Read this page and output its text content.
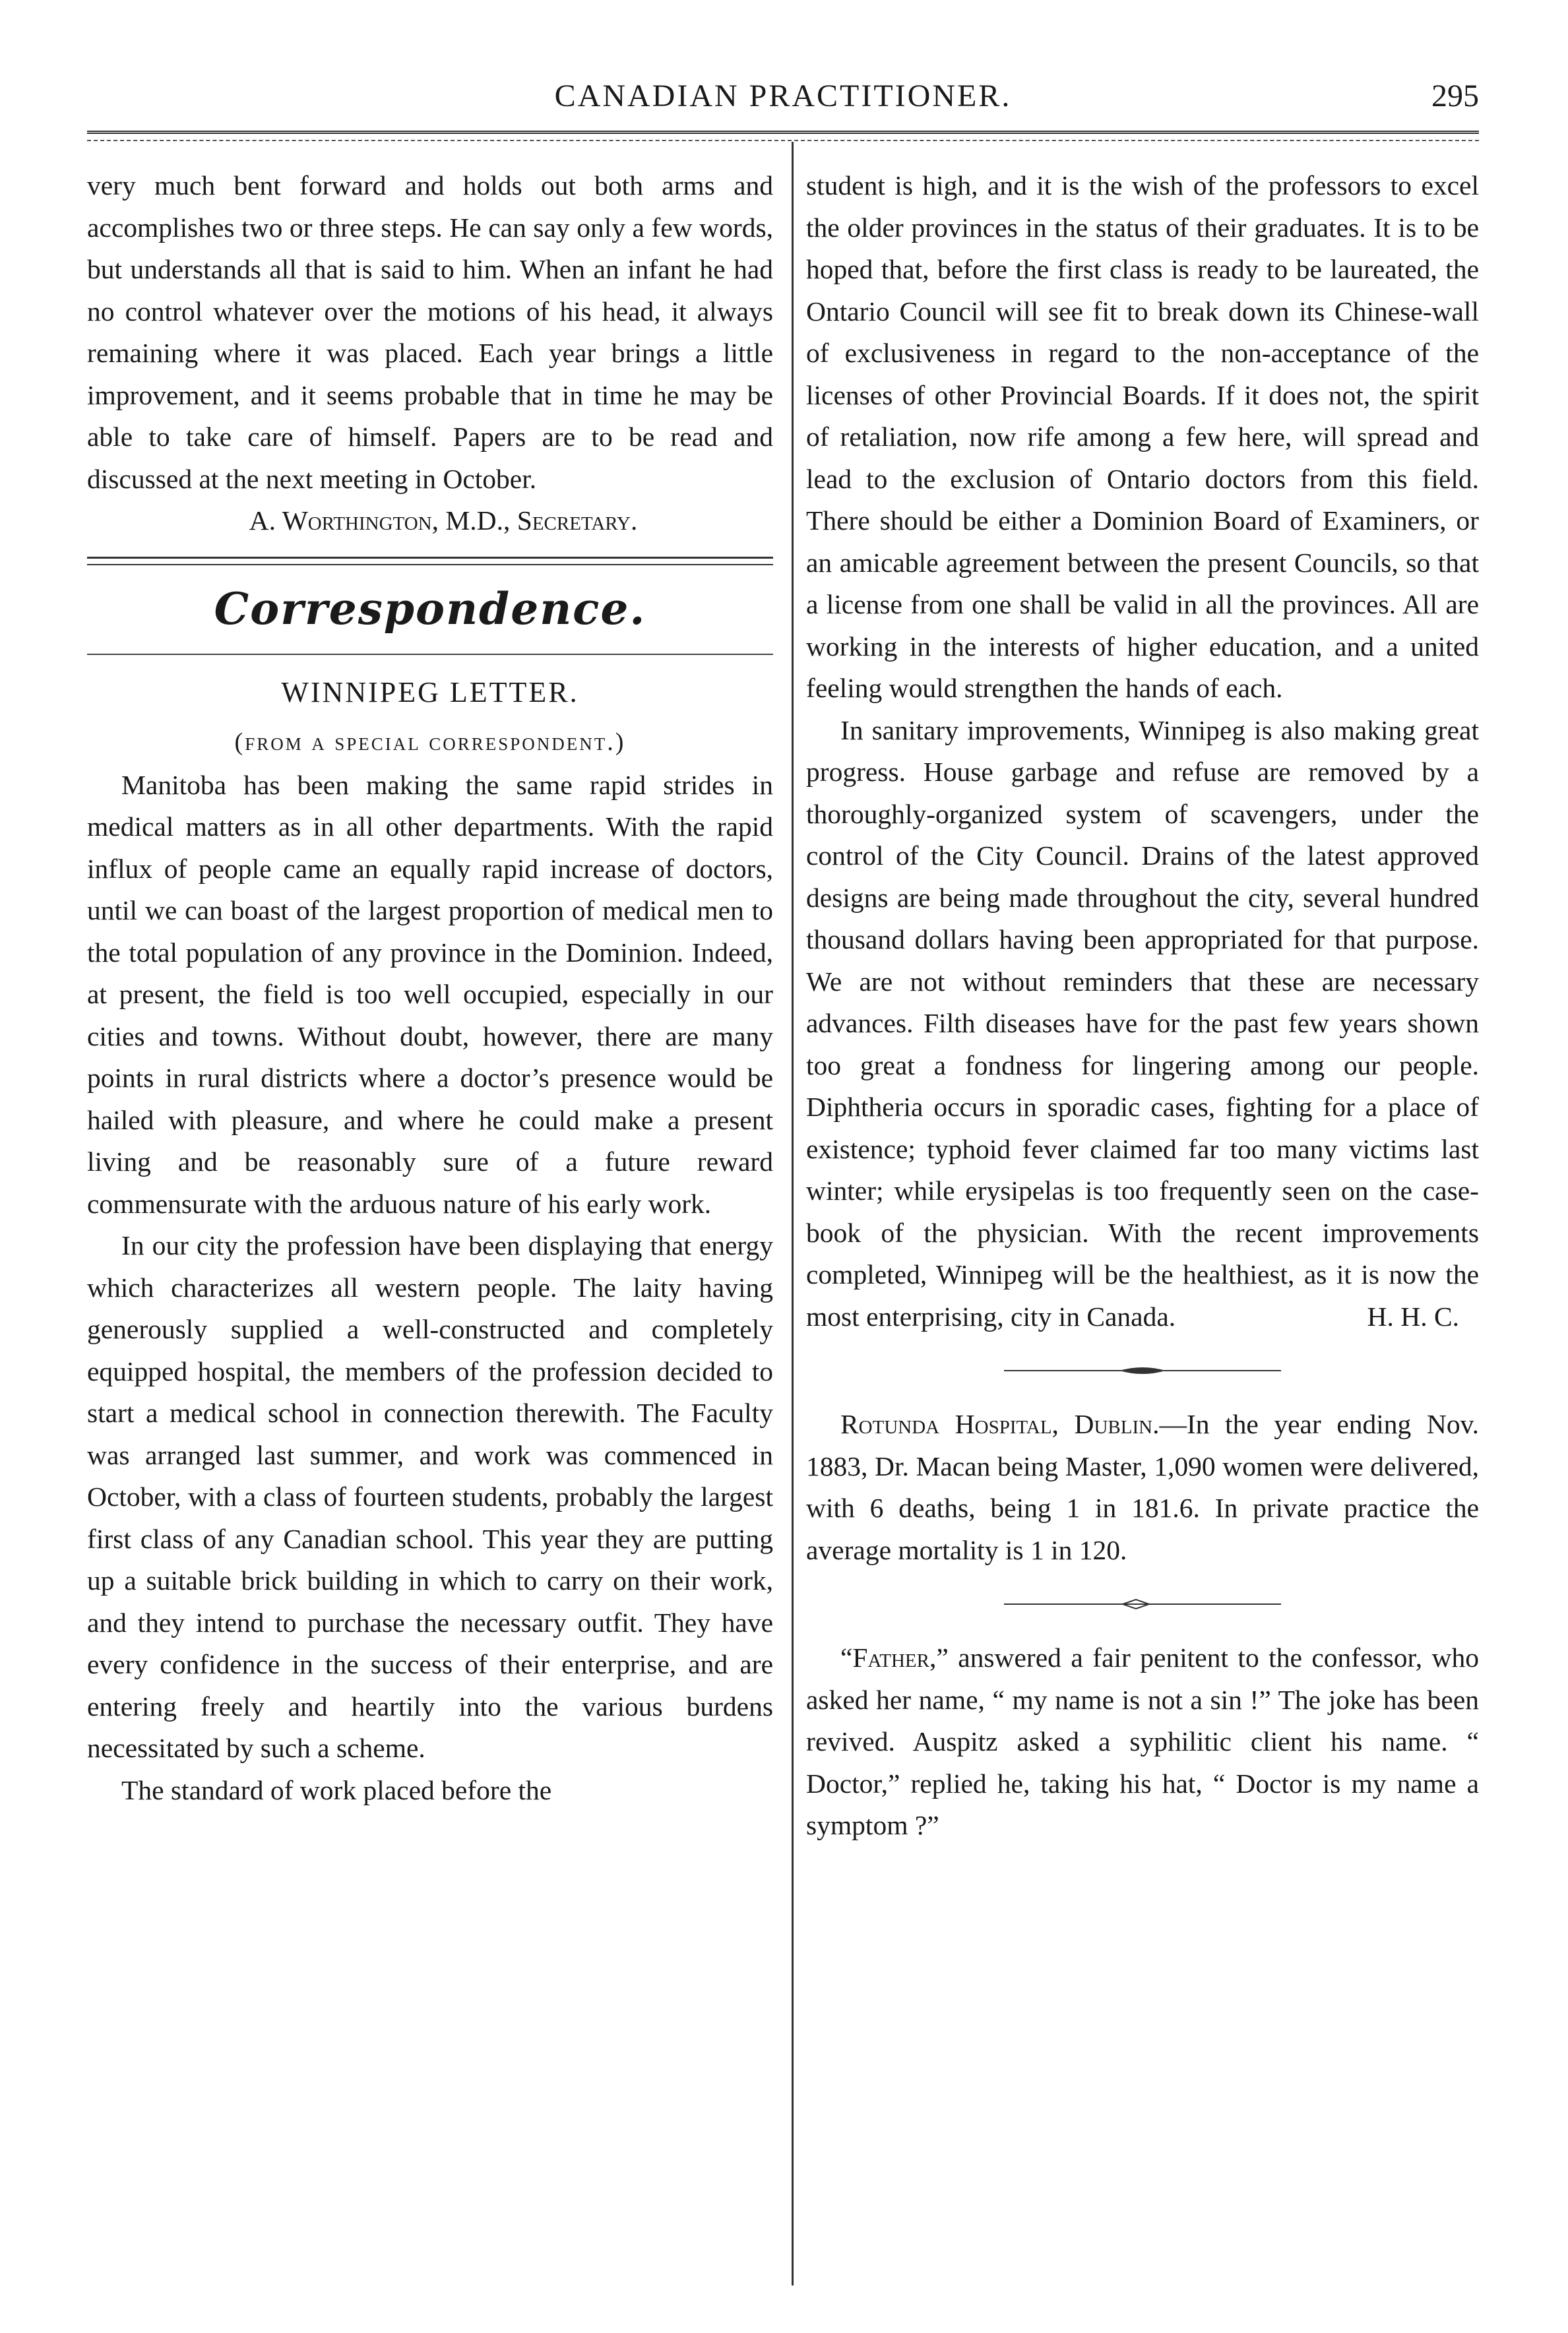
CANADIAN PRACTITIONER.	295

very much bent forward and holds out both arms and accomplishes two or three steps. He can say only a few words, but understands all that is said to him. When an infant he had no control whatever over the motions of his head, it always remaining where it was placed. Each year brings a little improvement, and it seems probable that in time he may be able to take care of himself. Papers are to be read and discussed at the next meeting in October.

A. Worthington, M.D., Secretary.

Correspondence.
WINNIPEG LETTER.
(from a special correspondent.)

Manitoba has been making the same rapid strides in medical matters as in all other departments. With the rapid influx of people came an equally rapid increase of doctors, until we can boast of the largest proportion of medical men to the total population of any province in the Dominion. Indeed, at present, the field is too well occupied, especially in our cities and towns. Without doubt, however, there are many points in rural districts where a doctor’s presence would be hailed with pleasure, and where he could make a present living and be reasonably sure of a future reward commensurate with the arduous nature of his early work.

In our city the profession have been displaying that energy which characterizes all western people. The laity having generously supplied a well-constructed and completely equipped hospital, the members of the profession decided to start a medical school in connection therewith. The Faculty was arranged last summer, and work was commenced in October, with a class of fourteen students, probably the largest first class of any Canadian school. This year they are putting up a suitable brick building in which to carry on their work, and they intend to purchase the necessary outfit. They have every confidence in the success of their enterprise, and are entering freely and heartily into the various burdens necessitated by such a scheme.

The standard of work placed before the

student is high, and it is the wish of the professors to excel the older provinces in the status of their graduates. It is to be hoped that, before the first class is ready to be laureated, the Ontario Council will see fit to break down its Chinese-wall of exclusiveness in regard to the non-acceptance of the licenses of other Provincial Boards. If it does not, the spirit of retaliation, now rife among a few here, will spread and lead to the exclusion of Ontario doctors from this field. There should be either a Dominion Board of Examiners, or an amicable agreement between the present Councils, so that a license from one shall be valid in all the provinces. All are working in the interests of higher education, and a united feeling would strengthen the hands of each.

In sanitary improvements, Winnipeg is also making great progress. House garbage and refuse are removed by a thoroughly-organized system of scavengers, under the control of the City Council. Drains of the latest approved designs are being made throughout the city, several hundred thousand dollars having been appropriated for that purpose. We are not without reminders that these are necessary advances. Filth diseases have for the past few years shown too great a fondness for lingering among our people. Diphtheria occurs in sporadic cases, fighting for a place of existence; typhoid fever claimed far too many victims last winter; while erysipelas is too frequently seen on the case-book of the physician. With the recent improvements completed, Winnipeg will be the healthiest, as it is now the most enterprising, city in Canada.	H. H. C.

Rotunda Hospital, Dublin.—In the year ending Nov. 1883, Dr. Macan being Master, 1,090 women were delivered, with 6 deaths, being 1 in 181.6. In private practice the average mortality is 1 in 120.

“Father,” answered a fair penitent to the confessor, who asked her name, “ my name is not a sin !” The joke has been revived. Auspitz asked a syphilitic client his name. “ Doctor,” replied he, taking his hat, “ Doctor is my name a symptom ?”
